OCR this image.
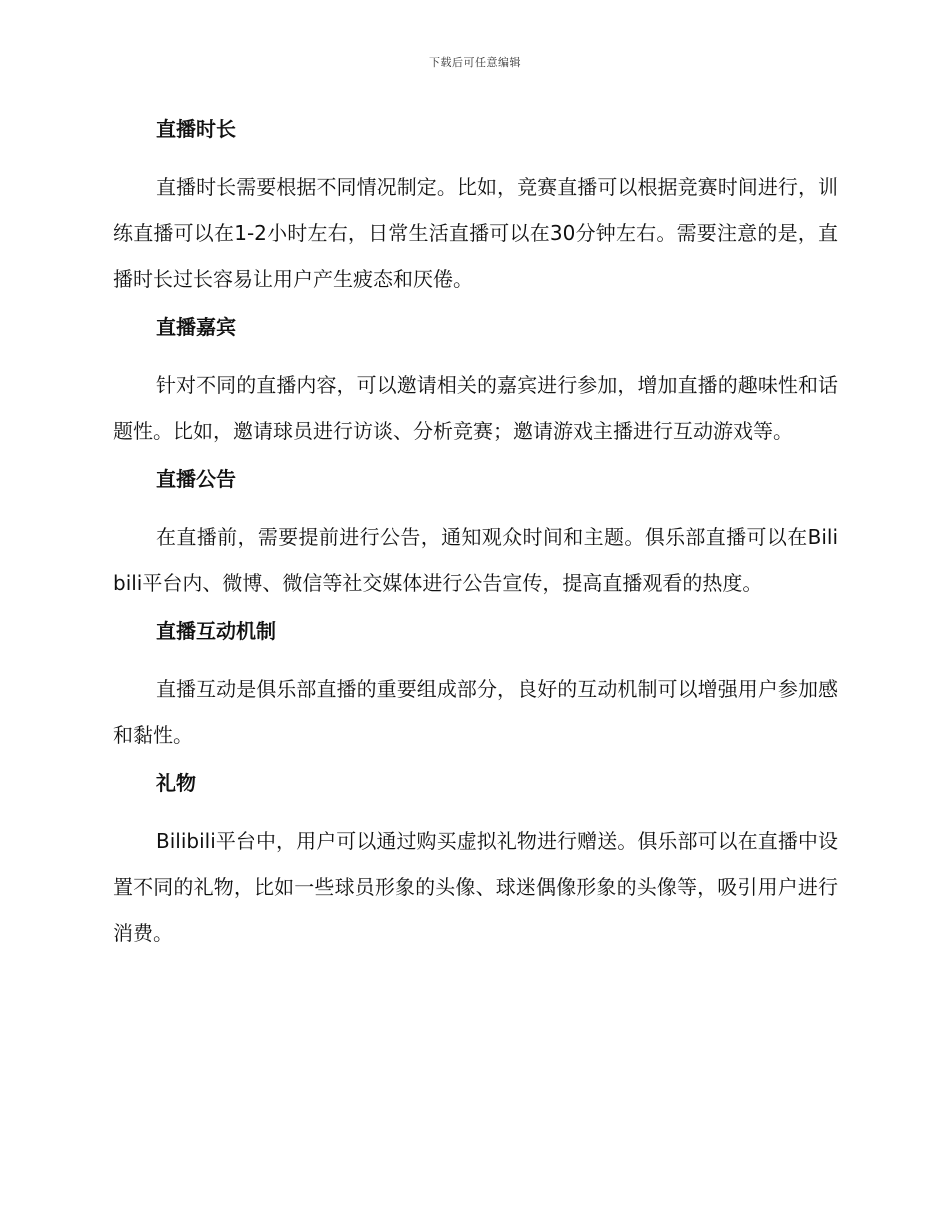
下载后可任意编辑
直播时长

直播时长需要根据不同情况制定。比如，竞赛直播可以根据竞赛时间进行，训练直播可以在1-2小时左右，日常生活直播可以在30分钟左右。需要注意的是，直播时长过长容易让用户产生疲态和厌倦。

直播嘉宾

针对不同的直播内容，可以邀请相关的嘉宾进行参加，增加直播的趣味性和话题性。比如，邀请球员进行访谈、分析竞赛；邀请游戏主播进行互动游戏等。

直播公告

在直播前，需要提前进行公告，通知观众时间和主题。俱乐部直播可以在Bilibili平台内、微博、微信等社交媒体进行公告宣传，提高直播观看的热度。

直播互动机制

直播互动是俱乐部直播的重要组成部分，良好的互动机制可以增强用户参加感和黏性。

礼物

Bilibili平台中，用户可以通过购买虚拟礼物进行赠送。俱乐部可以在直播中设置不同的礼物，比如一些球员形象的头像、球迷偶像形象的头像等，吸引用户进行消费。
